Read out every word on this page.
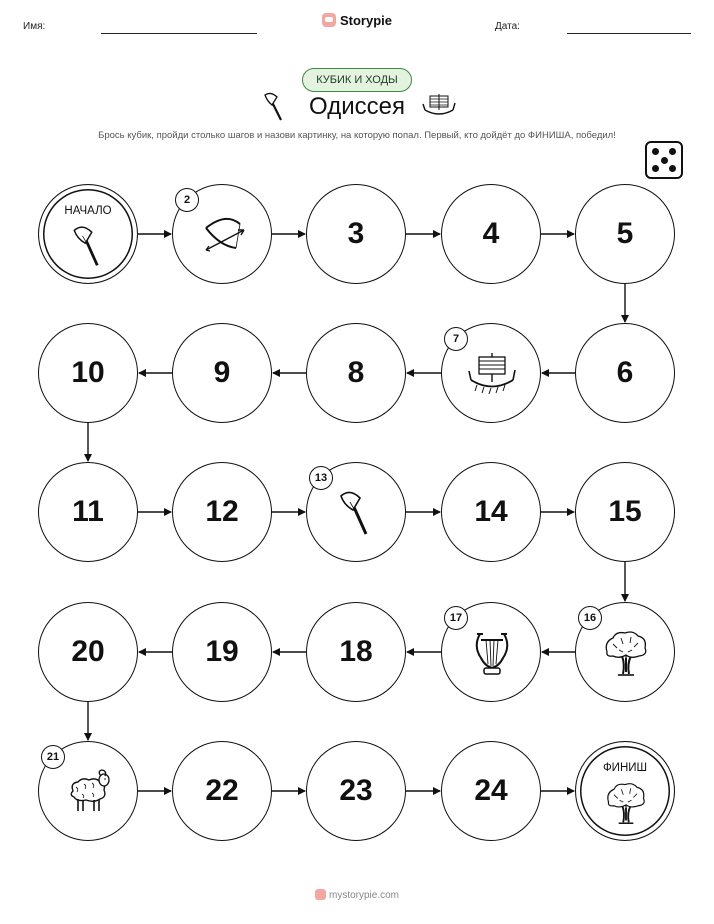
Имя:	Storypie	Дата:
КУБИК И ХОДЫ
Одиссея
Брось кубик, пройди столько шагов и назови картинку, на которую попал. Первый, кто дойдёт до ФИНИША, победил!
НАЧАЛО
2
3	4	5
6
7
8
9
10
11	12
13
14	15
16
17
18
19
20
21
22	23	24
ФИНИШ
mystorypie.com
